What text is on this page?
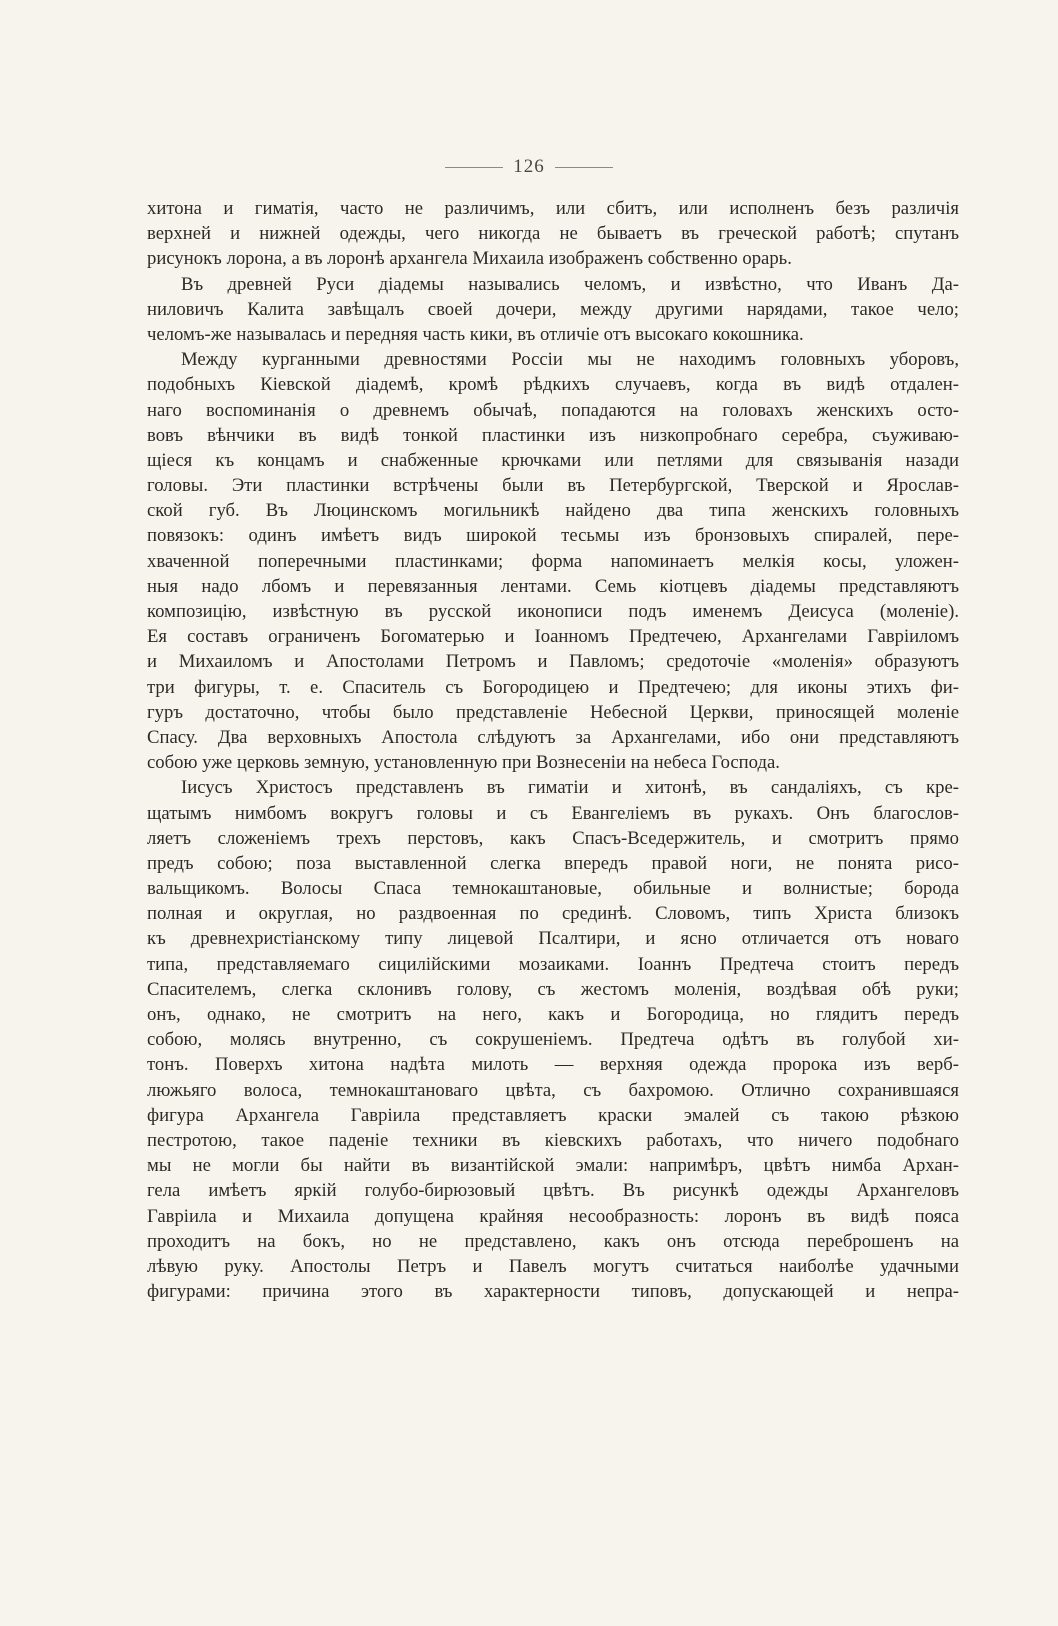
126
хитона и гиматія, часто не различимъ, или сбитъ, или исполненъ безъ различія
верхней и нижней одежды, чего никогда не бываетъ въ греческой работѣ; спутанъ
рисунокъ лорона, а въ лоронѣ архангела Михаила изображенъ собственно орарь.
Въ древней Руси діадемы назывались челомъ, и извѣстно, что Иванъ Да-
ниловичъ Калита завѣщалъ своей дочери, между другими нарядами, такое чело;
челомъ-же называлась и передняя часть кики, въ отличіе отъ высокаго кокошника.
Между курганными древностями Россіи мы не находимъ головныхъ уборовъ,
подобныхъ Кіевской діадемѣ, кромѣ рѣдкихъ случаевъ, когда въ видѣ отдален-
наго воспоминанія о древнемъ обычаѣ, попадаются на головахъ женскихъ осто-
вовъ вѣнчики въ видѣ тонкой пластинки изъ низкопробнаго серебра, съуживаю-
щіеся къ концамъ и снабженные крючками или петлями для связыванія назади
головы. Эти пластинки встрѣчены были въ Петербургской, Тверской и Ярослав-
ской губ. Въ Люцинскомъ могильникѣ найдено два типа женскихъ головныхъ
повязокъ: одинъ имѣетъ видъ широкой тесьмы изъ бронзовыхъ спиралей, пере-
хваченной поперечными пластинками; форма напоминаетъ мелкія косы, уложен-
ныя надо лбомъ и перевязанныя лентами. Семь кіотцевъ діадемы представляютъ
композицію, извѣстную въ русской иконописи подъ именемъ Деисуса (моленіе).
Ея составъ ограниченъ Богоматерью и Іоанномъ Предтечею, Архангелами Гавріиломъ
и Михаиломъ и Апостолами Петромъ и Павломъ; средоточіе «моленія» образуютъ
три фигуры, т. е. Спаситель съ Богородицею и Предтечею; для иконы этихъ фи-
гуръ достаточно, чтобы было представленіе Небесной Церкви, приносящей моленіе
Спасу. Два верховныхъ Апостола слѣдуютъ за Архангелами, ибо они представляютъ
собою уже церковь земную, установленную при Вознесеніи на небеса Господа.
Іисусъ Христосъ представленъ въ гиматіи и хитонѣ, въ сандаліяхъ, съ кре-
щатымъ нимбомъ вокругъ головы и съ Евангеліемъ въ рукахъ. Онъ благослов-
ляетъ сложеніемъ трехъ перстовъ, какъ Спасъ-Вседержитель, и смотритъ прямо
предъ собою; поза выставленной слегка впередъ правой ноги, не понята рисо-
вальщикомъ. Волосы Спаса темнокаштановые, обильные и волнистые; борода
полная и округлая, но раздвоенная по срединѣ. Словомъ, типъ Христа близокъ
къ древнехристіанскому типу лицевой Псалтири, и ясно отличается отъ новаго
типа, представляемаго сицилійскими мозаиками. Іоаннъ Предтеча стоитъ передъ
Спасителемъ, слегка склонивъ голову, съ жестомъ моленія, воздѣвая обѣ руки;
онъ, однако, не смотритъ на него, какъ и Богородица, но глядитъ передъ
собою, молясь внутренно, съ сокрушеніемъ. Предтеча одѣтъ въ голубой хи-
тонъ. Поверхъ хитона надѣта милоть — верхняя одежда пророка изъ верб-
люжьяго волоса, темнокаштановаго цвѣта, съ бахромою. Отлично сохранившаяся
фигура Архангела Гавріила представляетъ краски эмалей съ такою рѣзкою
пестротою, такое паденіе техники въ кіевскихъ работахъ, что ничего подобнаго
мы не могли бы найти въ византійской эмали: напримѣръ, цвѣтъ нимба Архан-
гела имѣетъ яркій голубо-бирюзовый цвѣтъ. Въ рисункѣ одежды Архангеловъ
Гавріила и Михаила допущена крайняя несообразность: лоронъ въ видѣ пояса
проходитъ на бокъ, но не представлено, какъ онъ отсюда переброшенъ на
лѣвую руку. Апостолы Петръ и Павелъ могутъ считаться наиболѣе удачными
фигурами: причина этого въ характерности типовъ, допускающей и непра-
